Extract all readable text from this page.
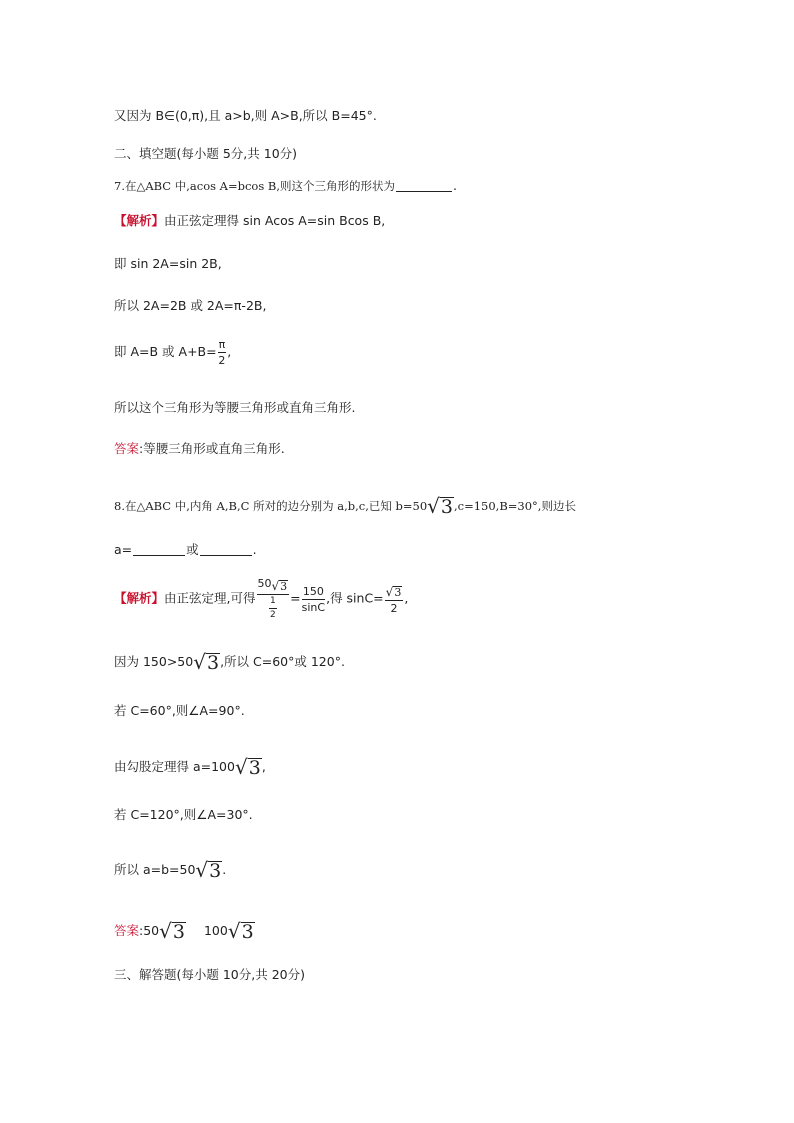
又因为 B∈(0,π),且 a>b,则 A>B,所以 B=45°.
二、填空题(每小题 5分,共 10分)
7.在△ABC 中,acos A=bcos B,则这个三角形的形状为	.
【解析】由正弦定理得 sin Acos A=sin Bcos B,
即 sin 2A=sin 2B,
所以 2A=2B 或 2A=π-2B,
即 A=B 或 $A+B= \frac{\pi}{2}$ ,
所以这个三角形为等腰三角形或直角三角形.
答案:等腰三角形或直角三角形.
8.在△ABC 中,内角 A,B,C 所对的边分别为 a,b,c,已知 b=50 √ 3 ,c=150,B=30°,则边长
a=	或	.
【解析】由正弦定理,可得 $\frac{50 √ 3}{\frac{1}{2}} = \frac{150}{\sin C}$ ,得 $\sin C= \frac{√ 3}{2}$ ,
因为 150>50 √ 3 ,所以 C=60°或 120°.
若 C=60°,则∠A=90°.
由勾股定理得 a=100 √ 3 ,
若 C=120°,则∠A=30°.
所以 a=b=50 √ 3 .
答案:50 √ 3 100 √ 3
三、解答题(每小题 10分,共 20分)
